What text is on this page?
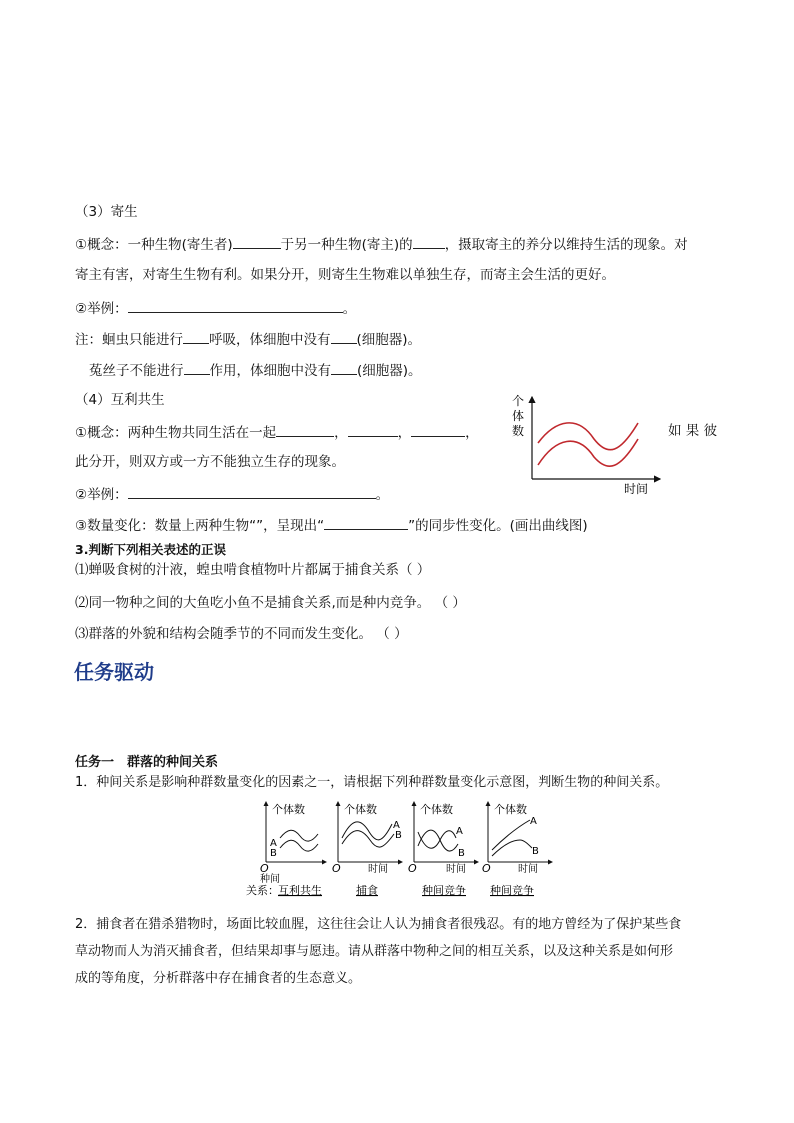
（3）寄生
①概念：一种生物(寄生者)	于另一种生物(寄主)的 ，摄取寄主的养分以维持生活的现象。对
寄主有害，对寄生生物有利。如果分开，则寄生生物难以单独生存，而寄主会生活的更好。
②举例：	。
注：蛔虫只能进行 呼吸，体细胞中没有 (细胞器)。
菟丝子不能进行 作用，体细胞中没有 (细胞器)。
（4）互利共生
①概念：两种生物共同生活在一起	，	，	，	如 果 彼
此分开，则双方或一方不能独立生存的现象。
②举例：	。
③数量变化：数量上两种生物“”，呈现出“	”的同步性变化。(画出曲线图)
个
体
数
时间
3.判断下列相关表述的正误
⑴蝉吸食树的汁液，蝗虫啃食植物叶片都属于捕食关系（ ）
⑵同一物种之间的大鱼吃小鱼不是捕食关系,而是种内竞争。 （ ）
⑶群落的外貌和结构会随季节的不同而发生变化。 （ ）
任务驱动
任务一　群落的种间关系
1．种间关系是影响种群数量变化的因素之一，请根据下列种群数量变化示意图，判断生物的种间关系。
个体数
O
种间
A
B
个体数
O	时间
A
B
个体数
O	时间
A
B
个体数
O	时间
A
B
关系： 互利共生	捕食	种间竞争 种间竞争
2．捕食者在猎杀猎物时，场面比较血腥，这往往会让人认为捕食者很残忍。有的地方曾经为了保护某些食
草动物而人为消灭捕食者，但结果却事与愿违。请从群落中物种之间的相互关系，以及这种关系是如何形
成的等角度，分析群落中存在捕食者的生态意义。
